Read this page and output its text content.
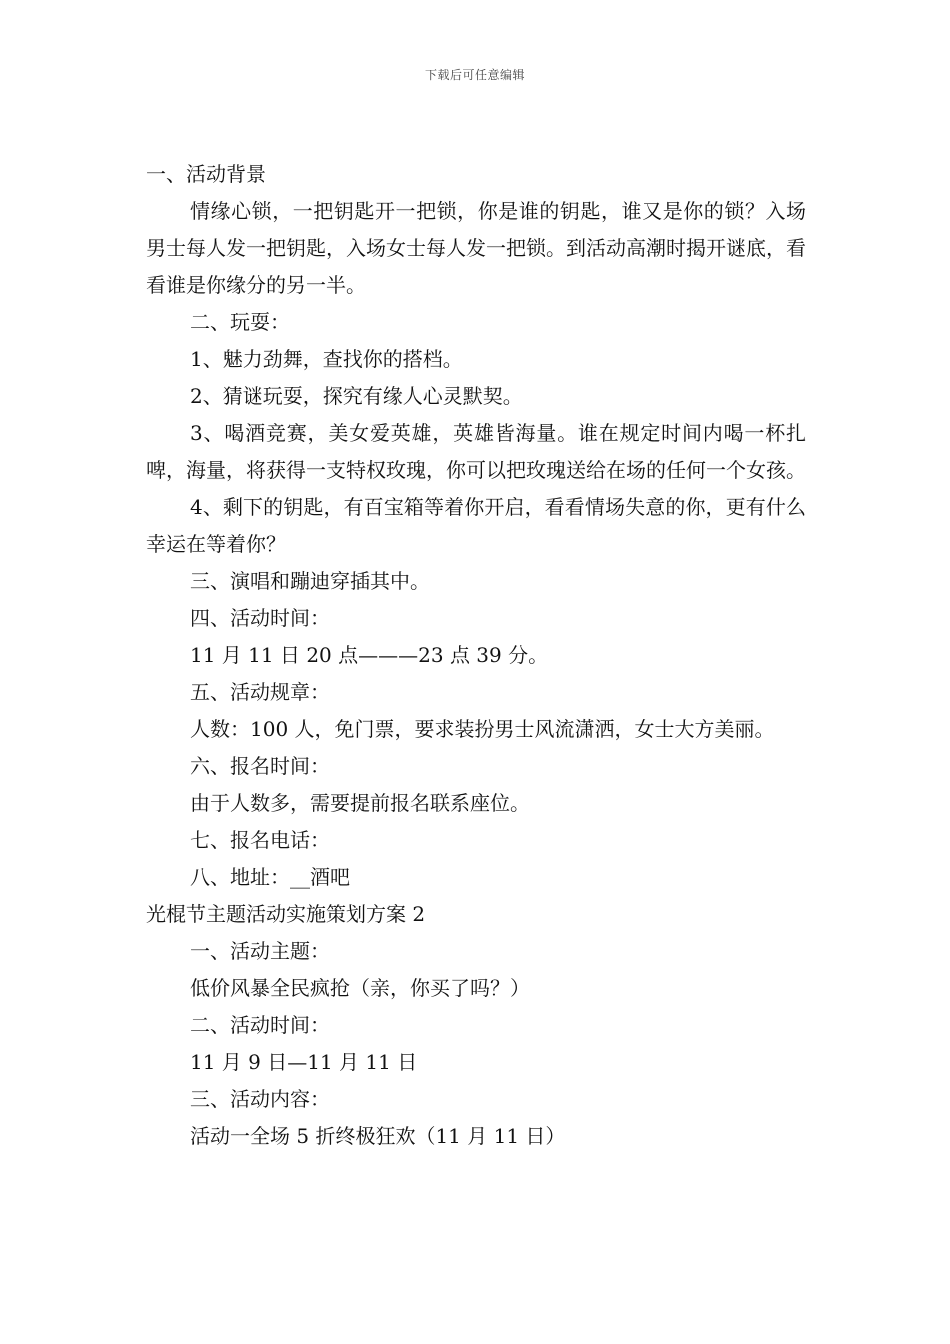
下载后可任意编辑

一、活动背景

情缘心锁，一把钥匙开一把锁，你是谁的钥匙，谁又是你的锁？入场男士每人发一把钥匙，入场女士每人发一把锁。到活动高潮时揭开谜底，看看谁是你缘分的另一半。

二、玩耍：

1、魅力劲舞，查找你的搭档。

2、猜谜玩耍，探究有缘人心灵默契。

3、喝酒竞赛，美女爱英雄，英雄皆海量。谁在规定时间内喝一杯扎啤，海量，将获得一支特权玫瑰，你可以把玫瑰送给在场的任何一个女孩。

4、剩下的钥匙，有百宝箱等着你开启，看看情场失意的你，更有什么幸运在等着你？

三、演唱和蹦迪穿插其中。

四、活动时间：

11 月 11 日 20 点———23 点 39 分。

五、活动规章：

人数：100 人，免门票，要求装扮男士风流潇洒，女士大方美丽。

六、报名时间：

由于人数多，需要提前报名联系座位。

七、报名电话：

八、地址：__酒吧

光棍节主题活动实施策划方案 2

一、活动主题：

低价风暴全民疯抢（亲，你买了吗？）

二、活动时间：

11 月 9 日—11 月 11 日

三、活动内容：

活动一全场 5 折终极狂欢（11 月 11 日）
